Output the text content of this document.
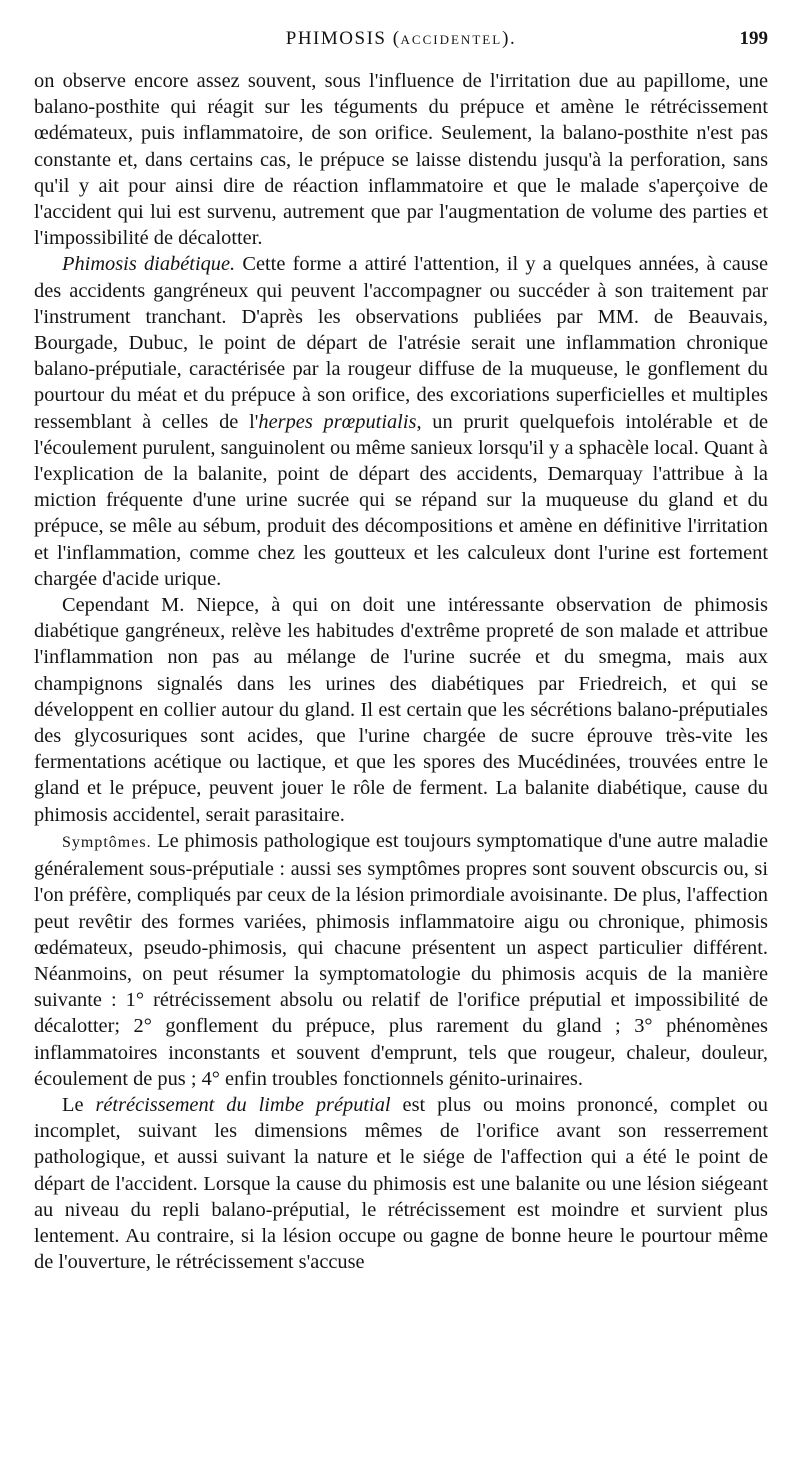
PHIMOSIS (ACCIDENTEL).	199

on observe encore assez souvent, sous l'influence de l'irritation due au papillome, une balano-posthite qui réagit sur les téguments du prépuce et amène le rétrécissement œdémateux, puis inflammatoire, de son orifice. Seulement, la balano-posthite n'est pas constante et, dans certains cas, le prépuce se laisse distendu jusqu'à la perforation, sans qu'il y ait pour ainsi dire de réaction inflammatoire et que le malade s'aperçoive de l'accident qui lui est survenu, autrement que par l'augmentation de volume des parties et l'impossibilité de décalotter.

Phimosis diabétique. Cette forme a attiré l'attention, il y a quelques années, à cause des accidents gangréneux qui peuvent l'accompagner ou succéder à son traitement par l'instrument tranchant. D'après les observations publiées par MM. de Beauvais, Bourgade, Dubuc, le point de départ de l'atrésie serait une inflammation chronique balano-préputiale, caractérisée par la rougeur diffuse de la muqueuse, le gonflement du pourtour du méat et du prépuce à son orifice, des excoriations superficielles et multiples ressemblant à celles de l'herpes prœputialis, un prurit quelquefois intolérable et de l'écoulement purulent, sanguinolent ou même sanieux lorsqu'il y a sphacèle local. Quant à l'explication de la balanite, point de départ des accidents, Demarquay l'attribue à la miction fréquente d'une urine sucrée qui se répand sur la muqueuse du gland et du prépuce, se mêle au sébum, produit des décompositions et amène en définitive l'irritation et l'inflammation, comme chez les goutteux et les calculeux dont l'urine est fortement chargée d'acide urique.

Cependant M. Niepce, à qui on doit une intéressante observation de phimosis diabétique gangréneux, relève les habitudes d'extrême propreté de son malade et attribue l'inflammation non pas au mélange de l'urine sucrée et du smegma, mais aux champignons signalés dans les urines des diabétiques par Friedreich, et qui se développent en collier autour du gland. Il est certain que les sécrétions balano-préputiales des glycosuriques sont acides, que l'urine chargée de sucre éprouve très-vite les fermentations acétique ou lactique, et que les spores des Mucédinées, trouvées entre le gland et le prépuce, peuvent jouer le rôle de ferment. La balanite diabétique, cause du phimosis accidentel, serait parasitaire.

Symptômes. Le phimosis pathologique est toujours symptomatique d'une autre maladie généralement sous-préputiale : aussi ses symptômes propres sont souvent obscurcis ou, si l'on préfère, compliqués par ceux de la lésion primordiale avoisinante. De plus, l'affection peut revêtir des formes variées, phimosis inflammatoire aigu ou chronique, phimosis œdémateux, pseudo-phimosis, qui chacune présentent un aspect particulier différent. Néanmoins, on peut résumer la symptomatologie du phimosis acquis de la manière suivante : 1° rétrécissement absolu ou relatif de l'orifice préputial et impossibilité de décalotter; 2° gonflement du prépuce, plus rarement du gland ; 3° phénomènes inflammatoires inconstants et souvent d'emprunt, tels que rougeur, chaleur, douleur, écoulement de pus ; 4° enfin troubles fonctionnels génito-urinaires.

Le rétrécissement du limbe préputial est plus ou moins prononcé, complet ou incomplet, suivant les dimensions mêmes de l'orifice avant son resserrement pathologique, et aussi suivant la nature et le siége de l'affection qui a été le point de départ de l'accident. Lorsque la cause du phimosis est une balanite ou une lésion siégeant au niveau du repli balano-préputial, le rétrécissement est moindre et survient plus lentement. Au contraire, si la lésion occupe ou gagne de bonne heure le pourtour même de l'ouverture, le rétrécissement s'accuse
